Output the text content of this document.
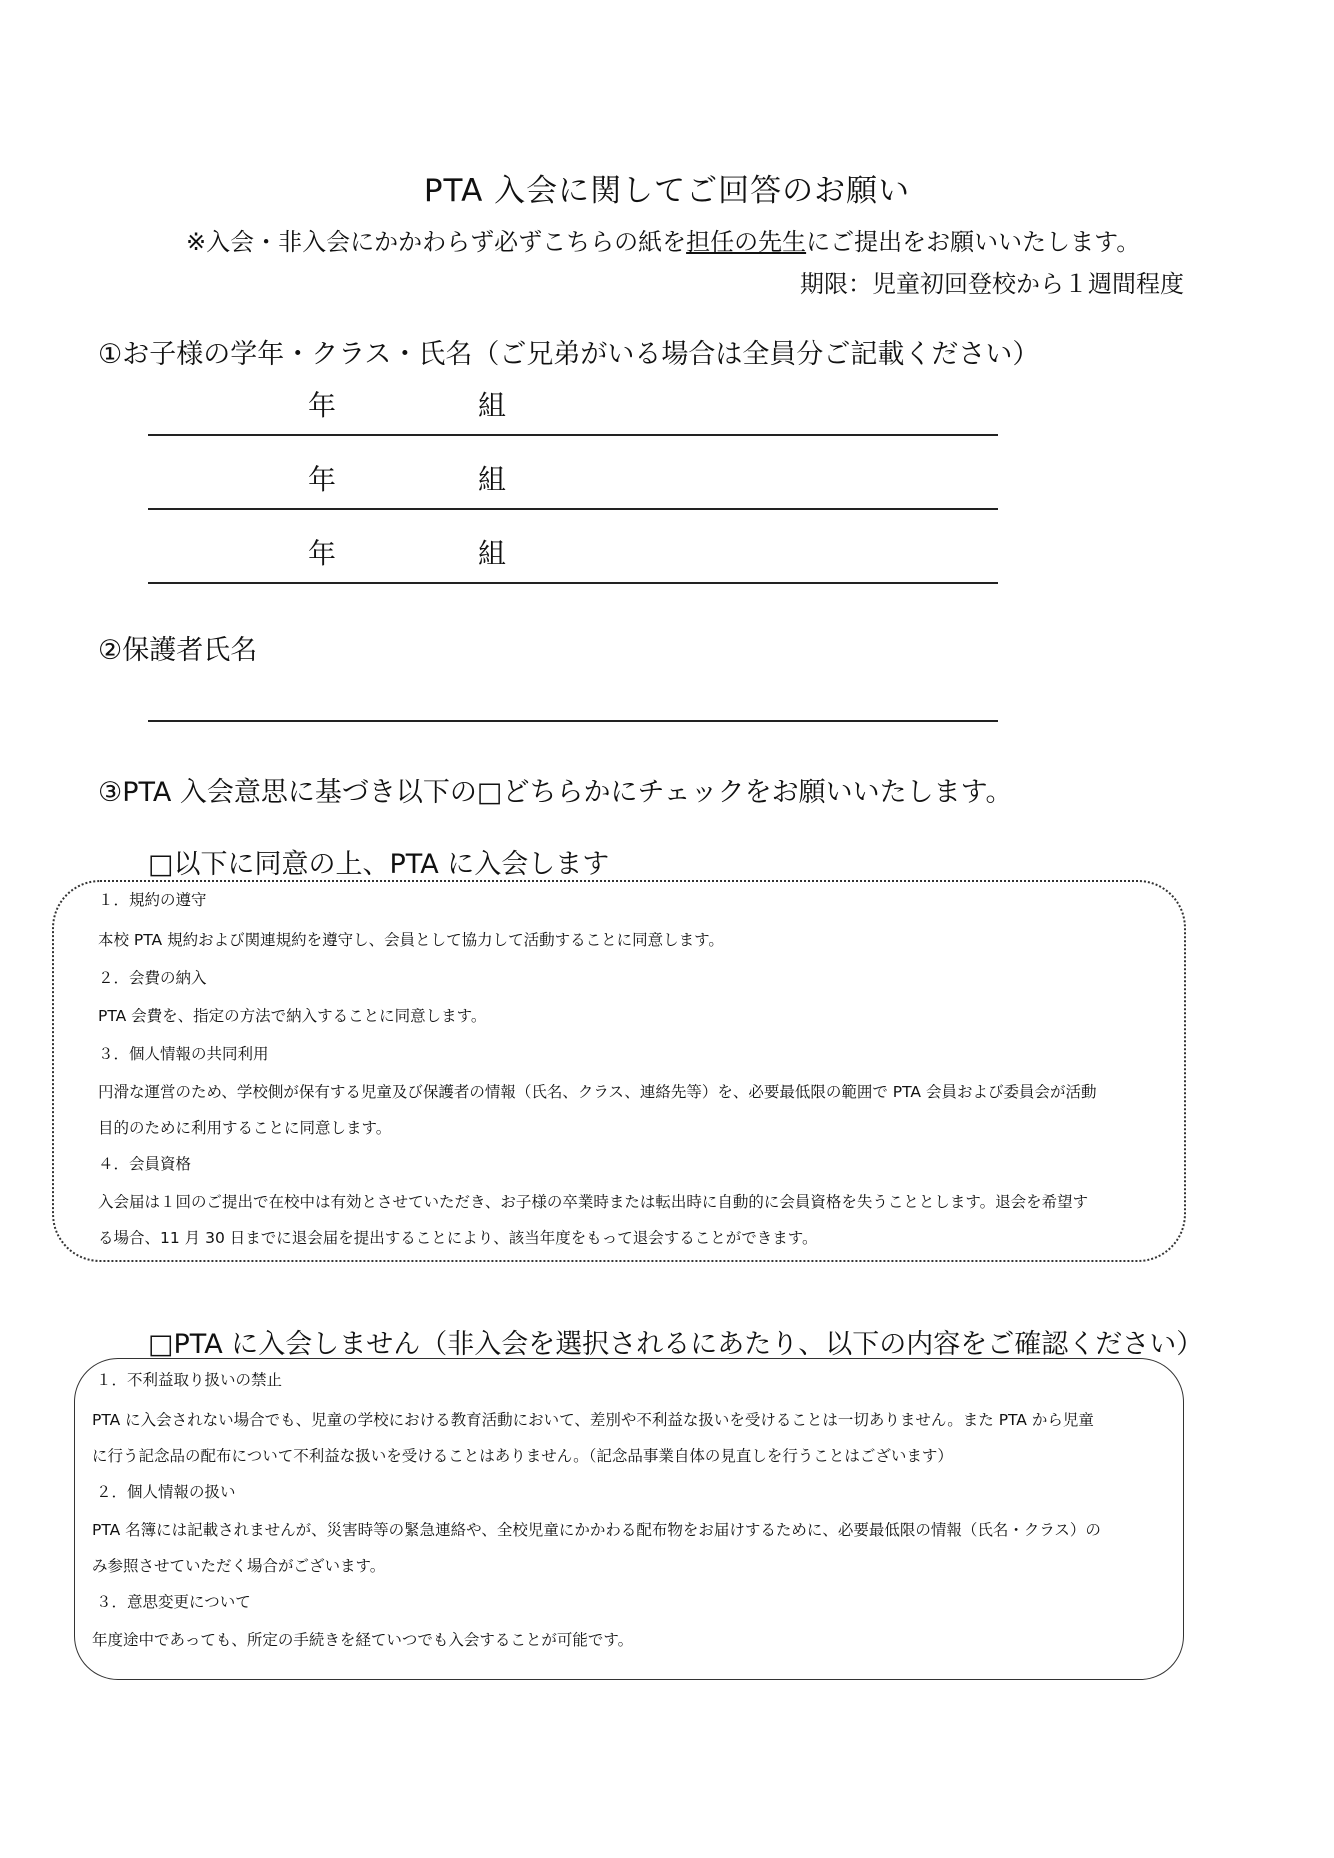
PTA 入会に関してご回答のお願い
※入会・非入会にかかわらず必ずこちらの紙を担任の先生にご提出をお願いいたします。
期限：児童初回登校から１週間程度
①お子様の学年・クラス・氏名（ご兄弟がいる場合は全員分ご記載ください）
年	組
年	組
年	組
②保護者氏名
③PTA 入会意思に基づき以下の□どちらかにチェックをお願いいたします。
□以下に同意の上、PTA に入会します
１．規約の遵守
本校 PTA 規約および関連規約を遵守し、会員として協力して活動することに同意します。
２．会費の納入
PTA 会費を、指定の方法で納入することに同意します。
３．個人情報の共同利用
円滑な運営のため、学校側が保有する児童及び保護者の情報（氏名、クラス、連絡先等）を、必要最低限の範囲で PTA 会員および委員会が活動
目的のために利用することに同意します。
４．会員資格
入会届は１回のご提出で在校中は有効とさせていただき、お子様の卒業時または転出時に自動的に会員資格を失うこととします。退会を希望す
る場合、11 月 30 日までに退会届を提出することにより、該当年度をもって退会することができます。
□PTA に入会しません（非入会を選択されるにあたり、以下の内容をご確認ください）
１．不利益取り扱いの禁止
PTA に入会されない場合でも、児童の学校における教育活動において、差別や不利益な扱いを受けることは一切ありません。また PTA から児童
に行う記念品の配布について不利益な扱いを受けることはありません。（記念品事業自体の見直しを行うことはございます）
２．個人情報の扱い
PTA 名簿には記載されませんが、災害時等の緊急連絡や、全校児童にかかわる配布物をお届けするために、必要最低限の情報（氏名・クラス）の
み参照させていただく場合がございます。
３．意思変更について
年度途中であっても、所定の手続きを経ていつでも入会することが可能です。
